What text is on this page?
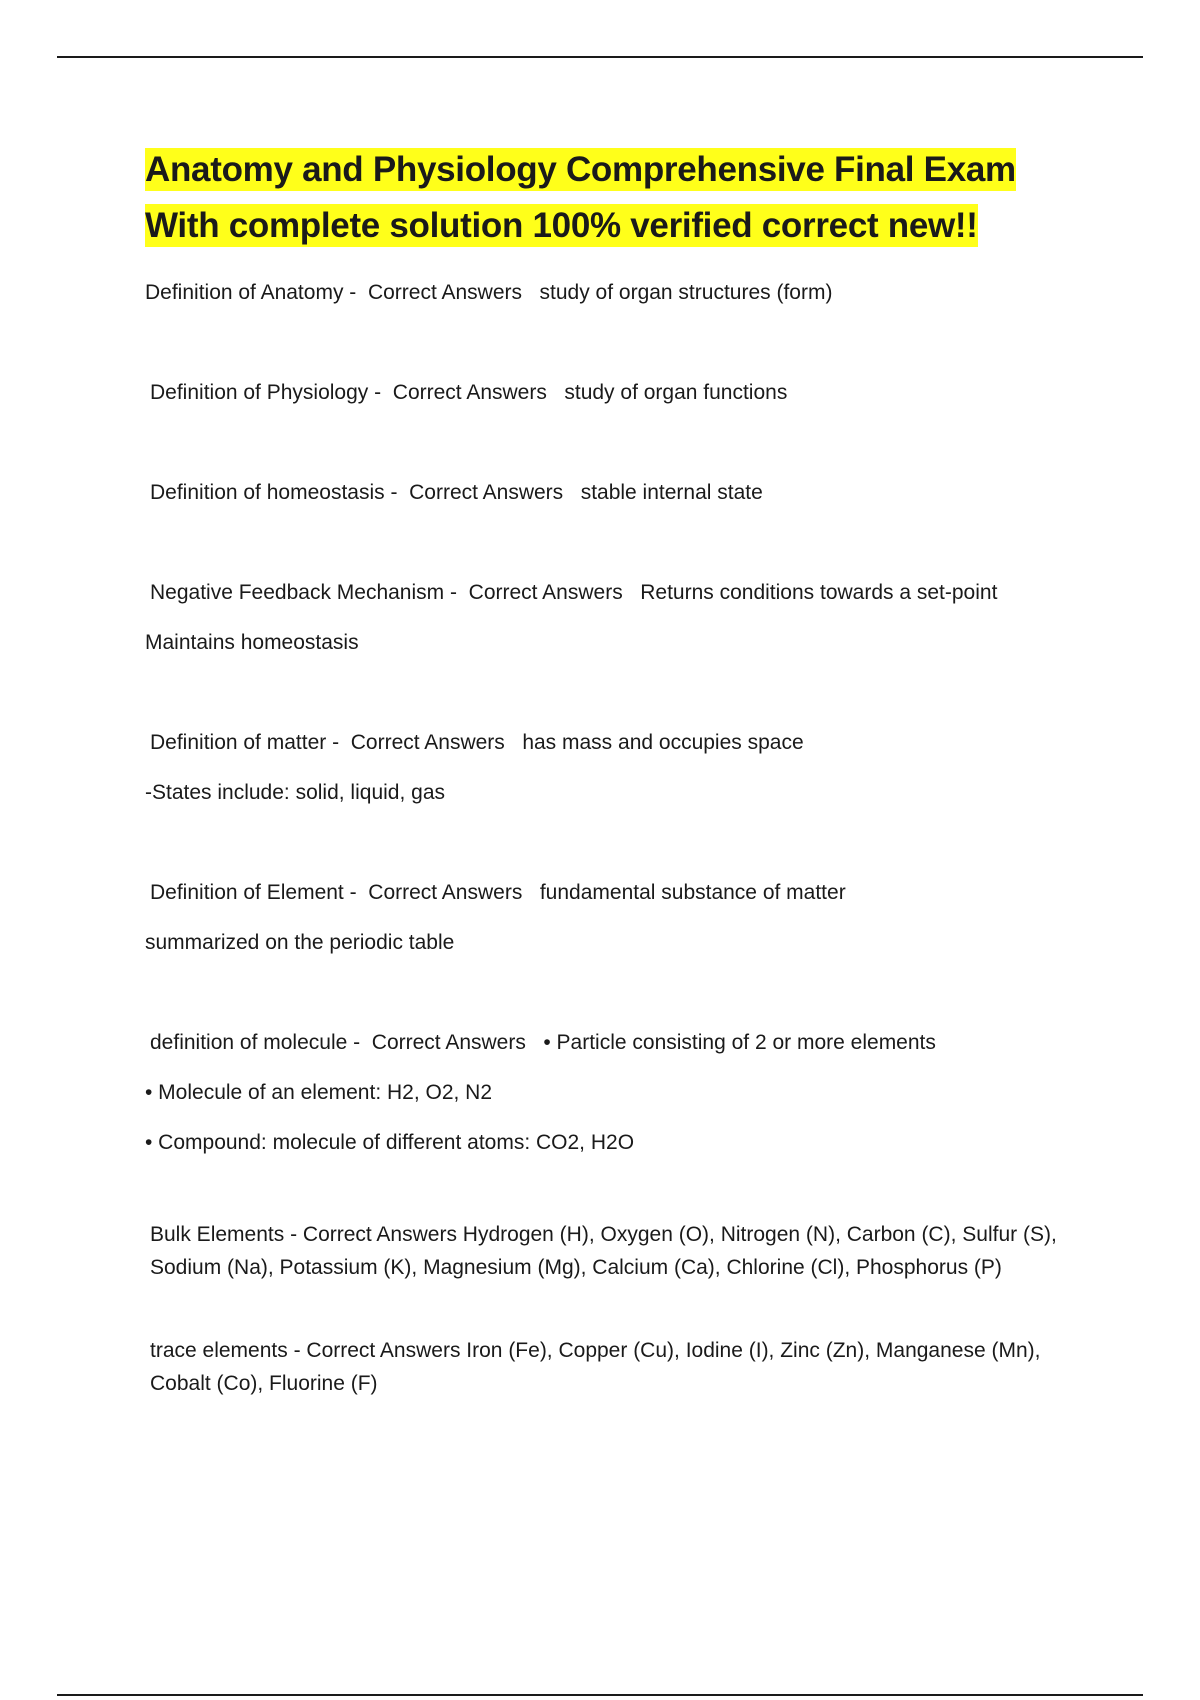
Anatomy and Physiology Comprehensive Final Exam
With complete solution 100% verified correct new!!
Definition of Anatomy -  Correct Answers study of organ structures (form)
Definition of Physiology -  Correct Answers study of organ functions
Definition of homeostasis -  Correct Answers stable internal state
Negative Feedback Mechanism -  Correct Answers Returns conditions towards a set-point
Maintains homeostasis
Definition of matter -  Correct Answers has mass and occupies space
-States include: solid, liquid, gas
Definition of Element -  Correct Answers fundamental substance of matter
summarized on the periodic table
definition of molecule -  Correct Answers • Particle consisting of 2 or more elements
• Molecule of an element: H2, O2, N2
• Compound: molecule of different atoms: CO2, H2O
Bulk Elements - Correct Answers Hydrogen (H), Oxygen (O), Nitrogen (N), Carbon (C), Sulfur (S), Sodium (Na), Potassium (K), Magnesium (Mg), Calcium (Ca), Chlorine (Cl), Phosphorus (P)
trace elements - Correct Answers Iron (Fe), Copper (Cu), Iodine (I), Zinc (Zn), Manganese (Mn), Cobalt (Co), Fluorine (F)
